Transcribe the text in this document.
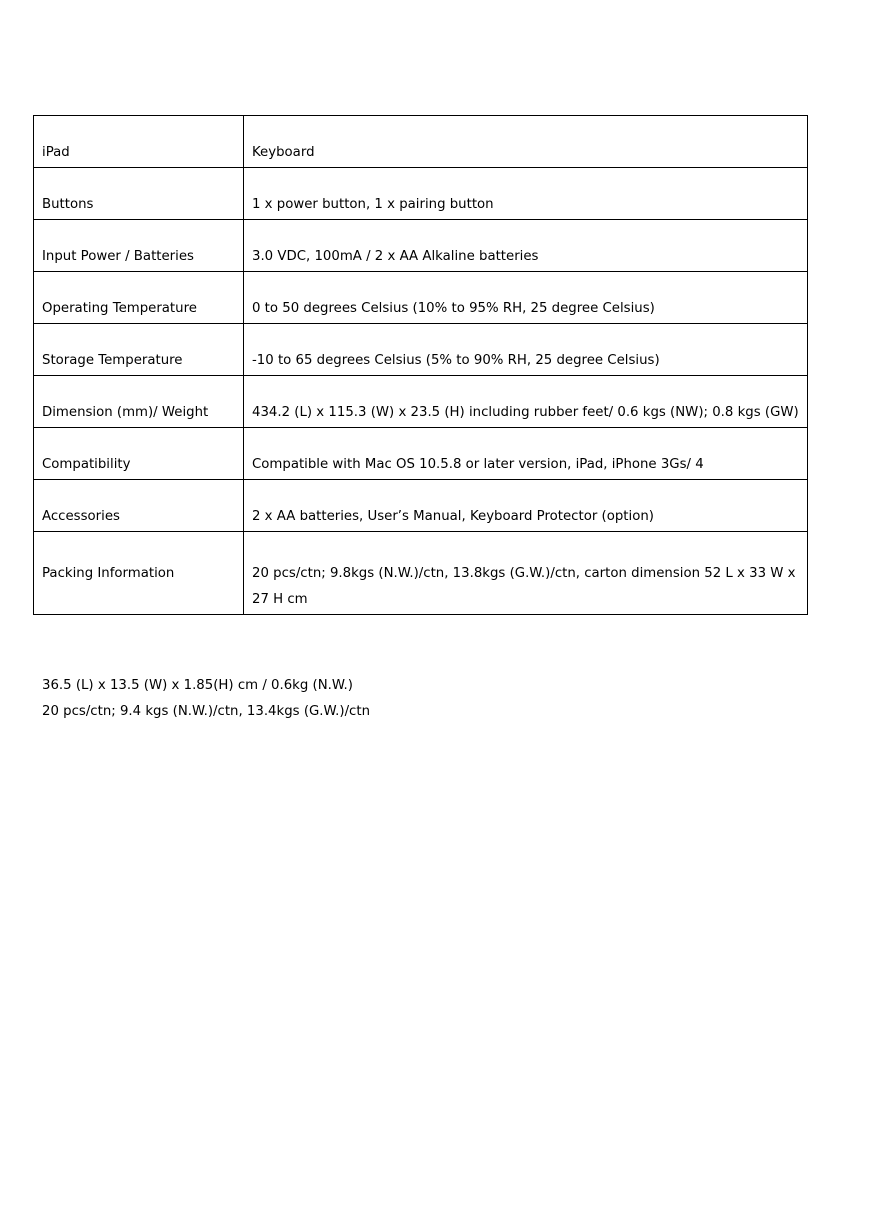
iPad	Keyboard
Buttons	1 x power button, 1 x pairing button
Input Power / Batteries	3.0 VDC, 100mA / 2 x AA Alkaline batteries
Operating Temperature	0 to 50 degrees Celsius (10% to 95% RH, 25 degree Celsius)
Storage Temperature	-10 to 65 degrees Celsius (5% to 90% RH, 25 degree Celsius)
Dimension (mm)/ Weight	434.2 (L) x 115.3 (W) x 23.5 (H) including rubber feet/ 0.6 kgs (NW); 0.8 kgs (GW)
Compatibility	Compatible with Mac OS 10.5.8 or later version, iPad, iPhone 3Gs/ 4
Accessories	2 x AA batteries, User’s Manual, Keyboard Protector (option)
Packing Information	20 pcs/ctn; 9.8kgs (N.W.)/ctn, 13.8kgs (G.W.)/ctn, carton dimension 52 L x 33 W x 27 H cm
36.5 (L) x 13.5 (W) x 1.85(H) cm / 0.6kg (N.W.)
20 pcs/ctn; 9.4 kgs (N.W.)/ctn, 13.4kgs (G.W.)/ctn
